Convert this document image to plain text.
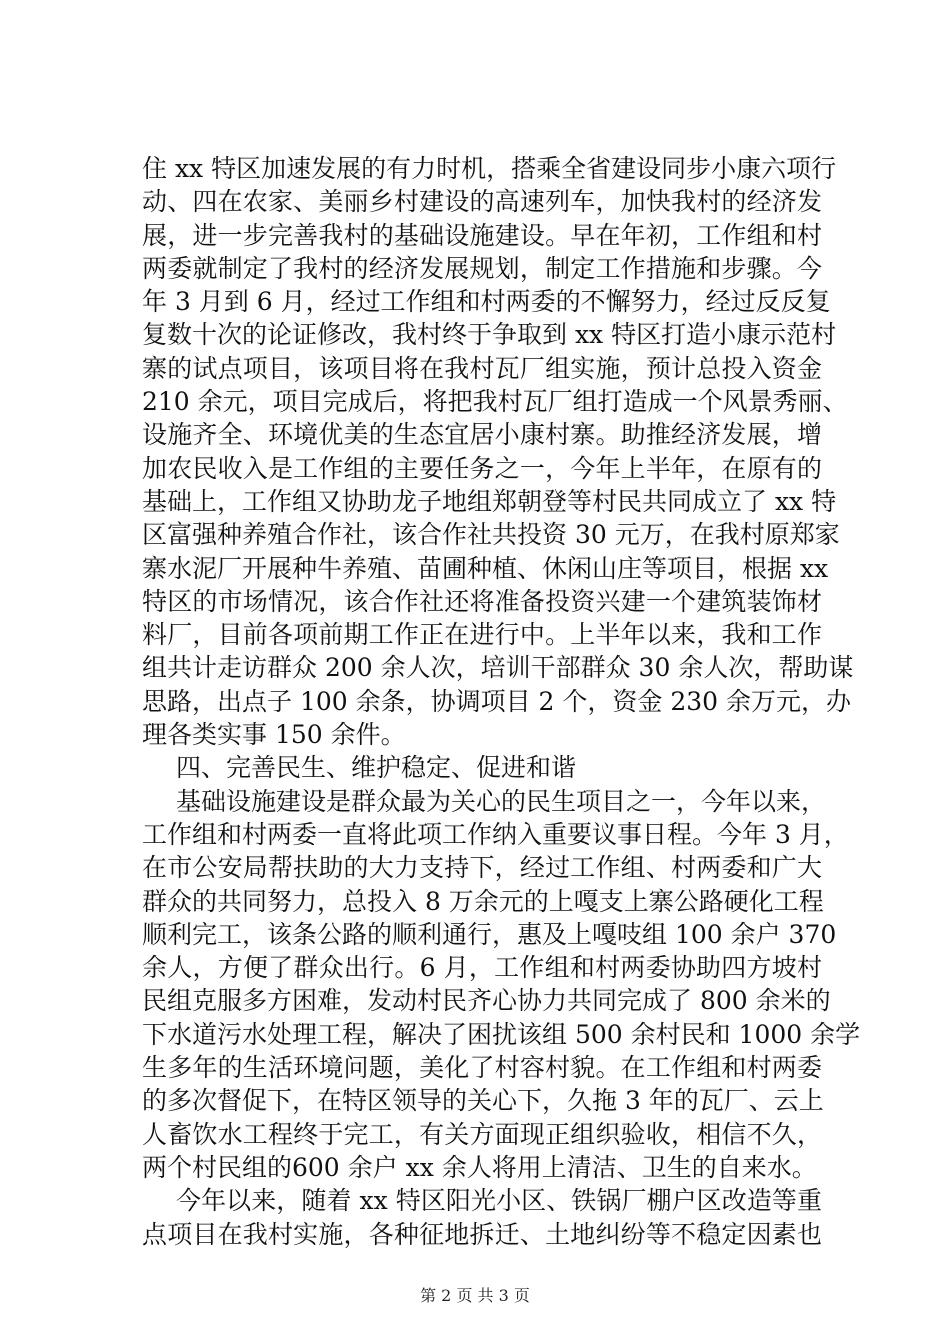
住 xx 特区加速发展的有力时机，搭乘全省建设同步小康六项行
动、四在农家、美丽乡村建设的高速列车，加快我村的经济发
展，进一步完善我村的基础设施建设。早在年初，工作组和村
两委就制定了我村的经济发展规划，制定工作措施和步骤。今
年 3 月到 6 月，经过工作组和村两委的不懈努力，经过反反复
复数十次的论证修改，我村终于争取到 xx 特区打造小康示范村
寨的试点项目，该项目将在我村瓦厂组实施，预计总投入资金
210 余元，项目完成后，将把我村瓦厂组打造成一个风景秀丽、
设施齐全、环境优美的生态宜居小康村寨。助推经济发展，增
加农民收入是工作组的主要任务之一，今年上半年，在原有的
基础上，工作组又协助龙子地组郑朝登等村民共同成立了 xx 特
区富强种养殖合作社，该合作社共投资 30 元万，在我村原郑家
寨水泥厂开展种牛养殖、苗圃种植、休闲山庄等项目，根据 xx
特区的市场情况，该合作社还将准备投资兴建一个建筑装饰材
料厂，目前各项前期工作正在进行中。上半年以来，我和工作
组共计走访群众 200 余人次，培训干部群众 30 余人次，帮助谋
思路，出点子 100 余条，协调项目 2 个，资金 230 余万元，办
理各类实事 150 余件。
四、完善民生、维护稳定、促进和谐
基础设施建设是群众最为关心的民生项目之一，今年以来，
工作组和村两委一直将此项工作纳入重要议事日程。今年 3 月，
在市公安局帮扶助的大力支持下，经过工作组、村两委和广大
群众的共同努力，总投入 8 万余元的上嘎支上寨公路硬化工程
顺利完工，该条公路的顺利通行，惠及上嘎吱组 100 余户 370
余人，方便了群众出行。6 月，工作组和村两委协助四方坡村
民组克服多方困难，发动村民齐心协力共同完成了 800 余米的
下水道污水处理工程，解决了困扰该组 500 余村民和 1000 余学
生多年的生活环境问题，美化了村容村貌。在工作组和村两委
的多次督促下，在特区领导的关心下，久拖 3 年的瓦厂、云上
人畜饮水工程终于完工，有关方面现正组织验收，相信不久，
两个村民组的600 余户 xx 余人将用上清洁、卫生的自来水。
今年以来，随着 xx 特区阳光小区、铁锅厂棚户区改造等重
点项目在我村实施，各种征地拆迁、土地纠纷等不稳定因素也
第 2 页 共 3 页
